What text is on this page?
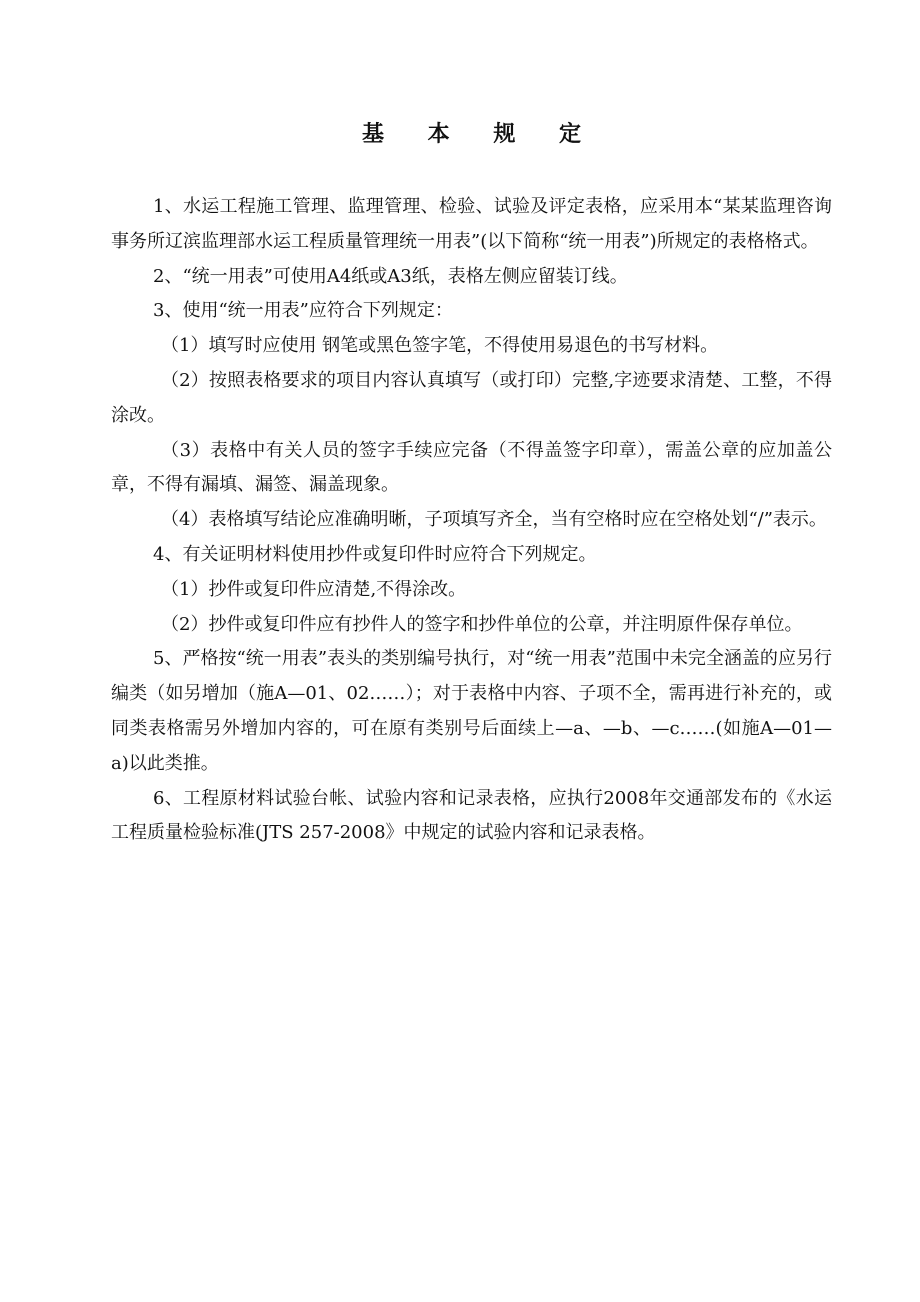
基 本 规 定

1、水运工程施工管理、监理管理、检验、试验及评定表格，应采用本“某某监理咨询事务所辽滨监理部水运工程质量管理统一用表”(以下简称“统一用表”)所规定的表格格式。

2、“统一用表”可使用A4纸或A3纸，表格左侧应留装订线。

3、使用“统一用表”应符合下列规定：

（1）填写时应使用 钢笔或黑色签字笔，不得使用易退色的书写材料。

（2）按照表格要求的项目内容认真填写（或打印）完整,字迹要求清楚、工整，不得涂改。

（3）表格中有关人员的签字手续应完备（不得盖签字印章），需盖公章的应加盖公章，不得有漏填、漏签、漏盖现象。

（4）表格填写结论应准确明晰，子项填写齐全，当有空格时应在空格处划“/”表示。

4、有关证明材料使用抄件或复印件时应符合下列规定。

（1）抄件或复印件应清楚,不得涂改。

（2）抄件或复印件应有抄件人的签字和抄件单位的公章，并注明原件保存单位。

5、严格按“统一用表”表头的类别编号执行，对“统一用表”范围中未完全涵盖的应另行编类（如另增加（施A—01、02……）；对于表格中内容、子项不全，需再进行补充的，或同类表格需另外增加内容的，可在原有类别号后面续上—a、—b、—c……(如施A—01—a)以此类推。

6、工程原材料试验台帐、试验内容和记录表格，应执行2008年交通部发布的《水运工程质量检验标准(JTS 257-2008》中规定的试验内容和记录表格。
